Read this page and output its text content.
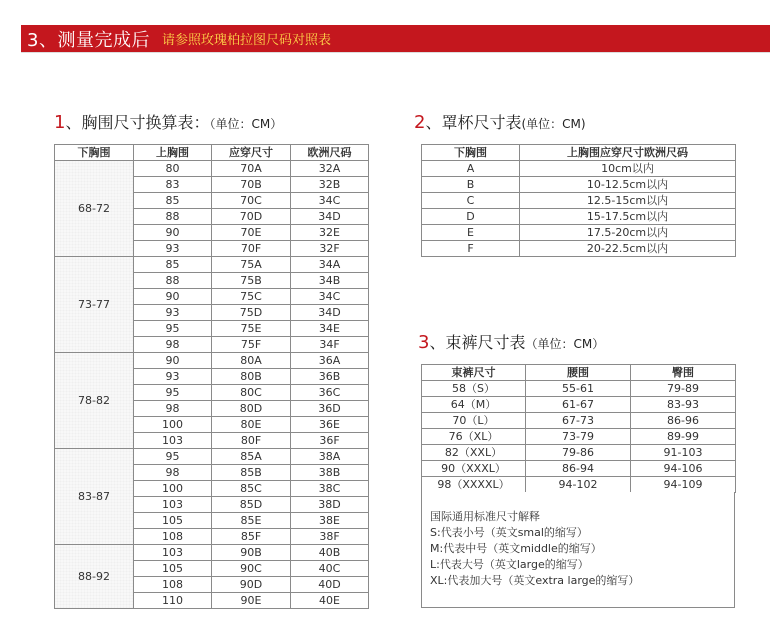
3、测量完成后 请参照玫瑰柏拉图尺码对照表
1、胸围尺寸换算表：（单位：CM）	2、罩杯尺寸表(单位：CM)
3、束裤尺寸表（单位：CM）
下胸围	上胸围	应穿尺寸	欧洲尺码
68-72	80	70A	32A
	83	70B	32B
	85	70C	34C
	88	70D	34D
	90	70E	32E
	93	70F	32F
73-77	85	75A	34A
	88	75B	34B
	90	75C	34C
	93	75D	34D
	95	75E	34E
	98	75F	34F
78-82	90	80A	36A
	93	80B	36B
	95	80C	36C
	98	80D	36D
	100	80E	36E
	103	80F	36F
83-87	95	85A	38A
	98	85B	38B
	100	85C	38C
	103	85D	38D
	105	85E	38E
	108	85F	38F
88-92	103	90B	40B
	105	90C	40C
	108	90D	40D
	110	90E	40E
下胸围	上胸围应穿尺寸欧洲尺码
A	10cm以内
B	10-12.5cm以内
C	12.5-15cm以内
D	15-17.5cm以内
E	17.5-20cm以内
F	20-22.5cm以内
束裤尺寸	腰围	臀围
58（S）	55-61	79-89
64（M）	61-67	83-93
70（L）	67-73	86-96
76（XL）	73-79	89-99
82（XXL）	79-86	91-103
90（XXXL）	86-94	94-106
98（XXXXL）	94-102	94-109
国际通用标准尺寸解释
S:代表小号（英文smal的缩写）
M:代表中号（英文middle的缩写）
L:代表大号（英文large的缩写）
XL:代表加大号（英文extra large的缩写）
